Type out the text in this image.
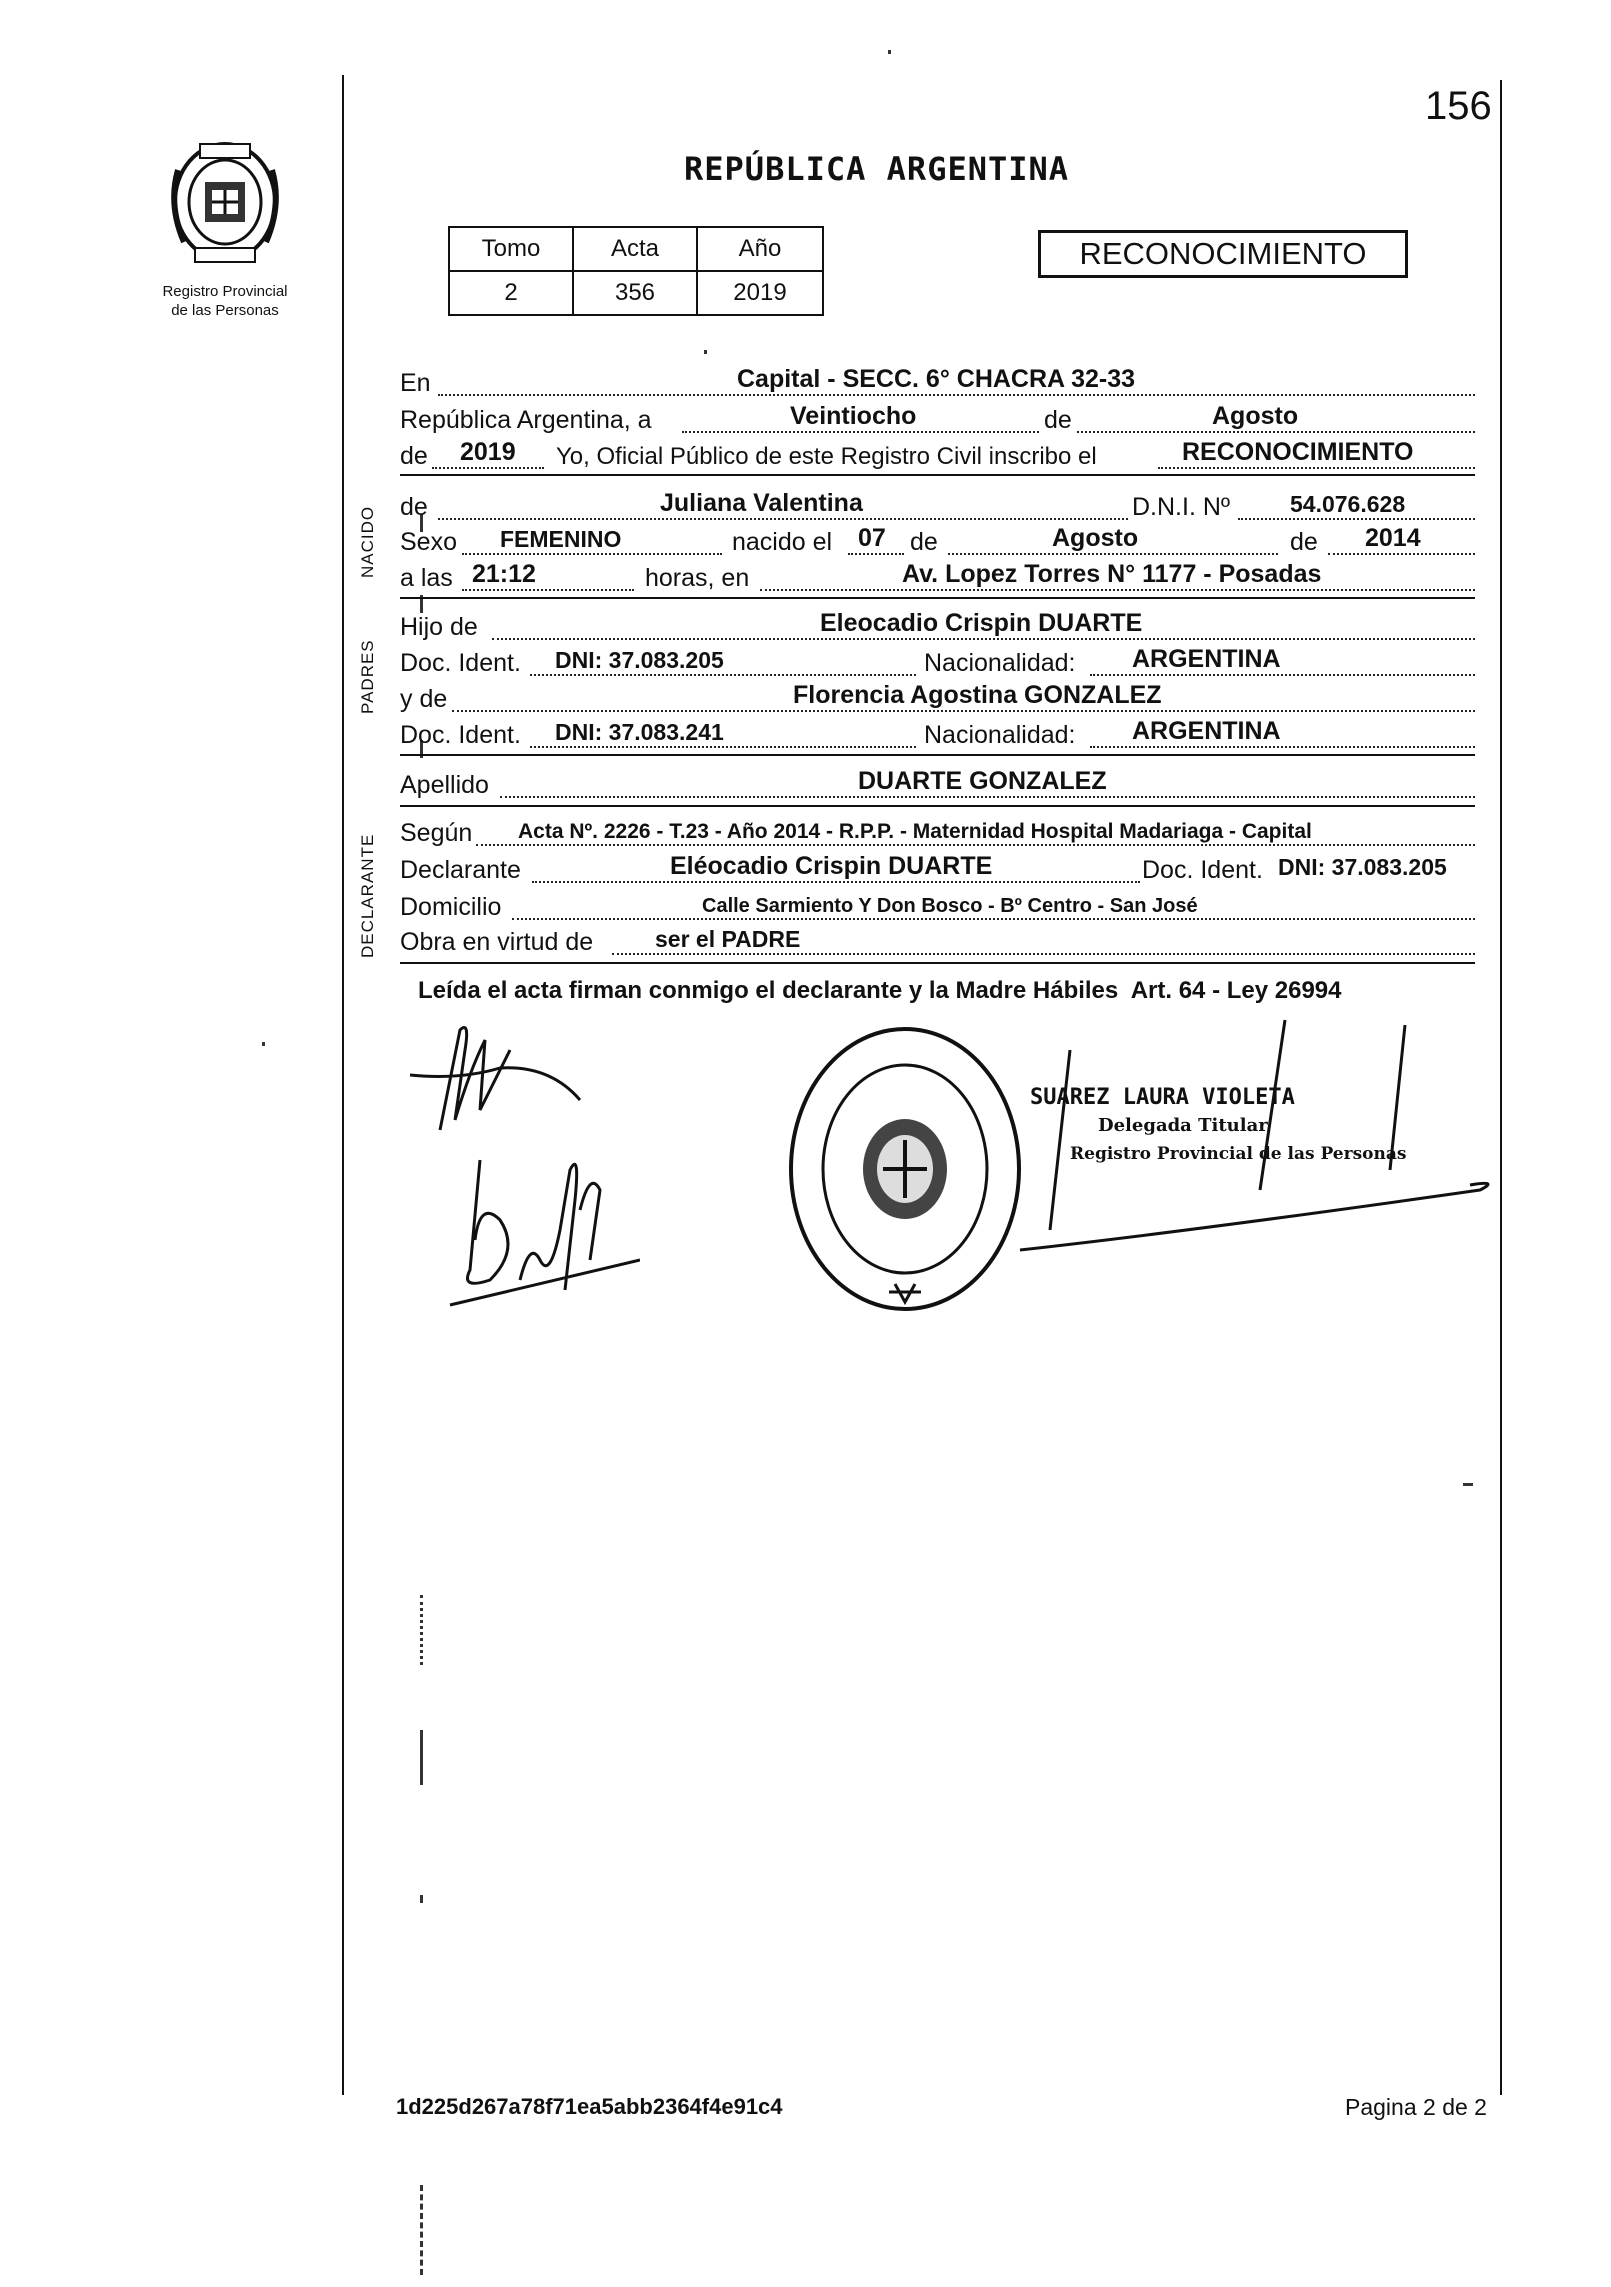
156
Registro Provincial
de las Personas
REPÚBLICA ARGENTINA
Tomo	Acta	Año
2	356	2019
RECONOCIMIENTO
NACIDO
PADRES
DECLARANTE
En	Capital - SECC. 6° CHACRA 32-33
República Argentina, a	Veintiocho	de	Agosto
de 2019 Yo, Oficial Público de este Registro Civil inscribo el	RECONOCIMIENTO
de	Juliana Valentina	D.N.I. Nº	54.076.628
Sexo FEMENINO	nacido el 07 de	Agosto	de 2014
a las 21:12	horas, en	Av. Lopez Torres N° 1177 - Posadas
Hijo de	Eleocadio Crispin DUARTE
Doc. Ident. DNI: 37.083.205	Nacionalidad: ARGENTINA
y de	Florencia Agostina GONZALEZ
Doc. Ident. DNI: 37.083.241	Nacionalidad: ARGENTINA
Apellido	DUARTE GONZALEZ
Según Acta Nº. 2226 - T.23 - Año 2014 - R.P.P. - Maternidad Hospital Madariaga - Capital
Declarante	Eléocadio Crispin DUARTE	Doc. Ident. DNI: 37.083.205
Domicilio	Calle Sarmiento Y Don Bosco - Bº Centro - San José
Obra en virtud de	ser el PADRE
Leída el acta firman conmigo el declarante y la Madre Hábiles  Art. 64 - Ley 26994
SUAREZ LAURA VIOLETA
Delegada Titular
Registro Provincial de las Personas
1d225d267a78f71ea5abb2364f4e91c4	Pagina 2 de 2
